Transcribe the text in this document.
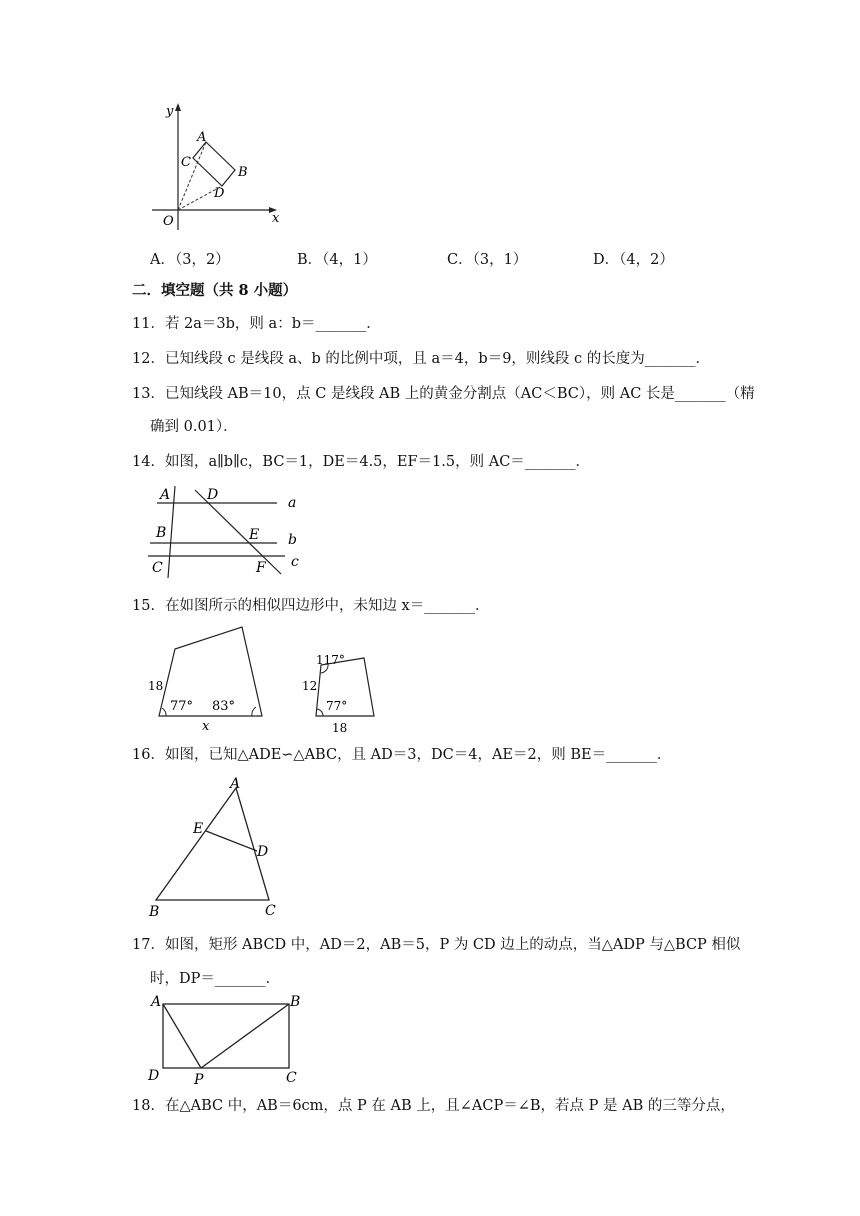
y
x
O
A
B
C
D
A．（3，2）	B．（4，1）	C．（3，1）	D．（4，2）
二．填空题（共 8 小题）
11．若 2a＝3b，则 a：b＝_______．
12．已知线段 c 是线段 a、b 的比例中项，且 a＝4，b＝9，则线段 c 的长度为_______．
13．已知线段 AB＝10，点 C 是线段 AB 上的黄金分割点（AC＜BC），则 AC 长是_______（精
确到 0.01）．
14．如图，a∥b∥c，BC＝1，DE＝4.5，EF＝1.5，则 AC＝_______．
A	D	a
B	E b
C	F c
15．在如图所示的相似四边形中，未知边 x＝_______．
18
77° 83°
x
117°
12
77°
18
16．如图，已知△ADE∽△ABC，且 AD＝3，DC＝4，AE＝2，则 BE＝_______．
A
E
D
B	C
17．如图，矩形 ABCD 中，AD＝2，AB＝5，P 为 CD 边上的动点，当△ADP 与△BCP 相似
时，DP＝_______．
A	B
D P	C
18．在△ABC 中，AB＝6cm，点 P 在 AB 上，且∠ACP＝∠B，若点 P 是 AB 的三等分点，
